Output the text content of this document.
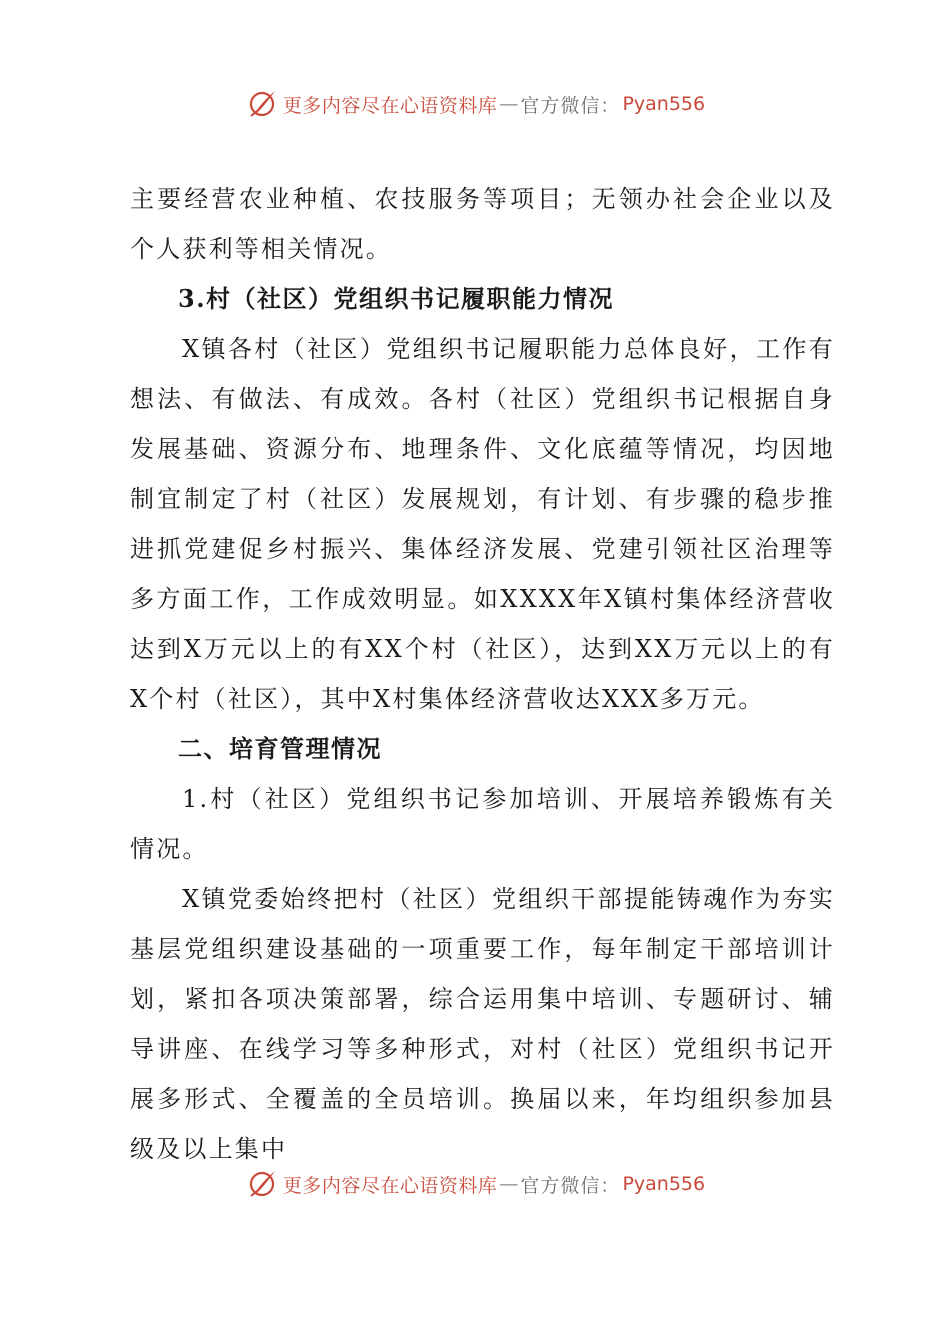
更多内容尽在心语资料库 — 官方微信： Pyan556

主要经营农业种植、农技服务等项目；无领办社会企业以及个人获利等相关情况。

3.村（社区）党组织书记履职能力情况

X镇各村（社区）党组织书记履职能力总体良好，工作有想法、有做法、有成效。各村（社区）党组织书记根据自身发展基础、资源分布、地理条件、文化底蕴等情况，均因地制宜制定了村（社区）发展规划，有计划、有步骤的稳步推进抓党建促乡村振兴、集体经济发展、党建引领社区治理等多方面工作，工作成效明显。如XXXX年X镇村集体经济营收达到X万元以上的有XX个村（社区），达到XX万元以上的有X个村（社区），其中X村集体经济营收达XXX多万元。

二、培育管理情况

1.村（社区）党组织书记参加培训、开展培养锻炼有关情况。

X镇党委始终把村（社区）党组织干部提能铸魂作为夯实基层党组织建设基础的一项重要工作，每年制定干部培训计划，紧扣各项决策部署，综合运用集中培训、专题研讨、辅导讲座、在线学习等多种形式，对村（社区）党组织书记开展多形式、全覆盖的全员培训。换届以来，年均组织参加县级及以上集中

更多内容尽在心语资料库 — 官方微信： Pyan556
